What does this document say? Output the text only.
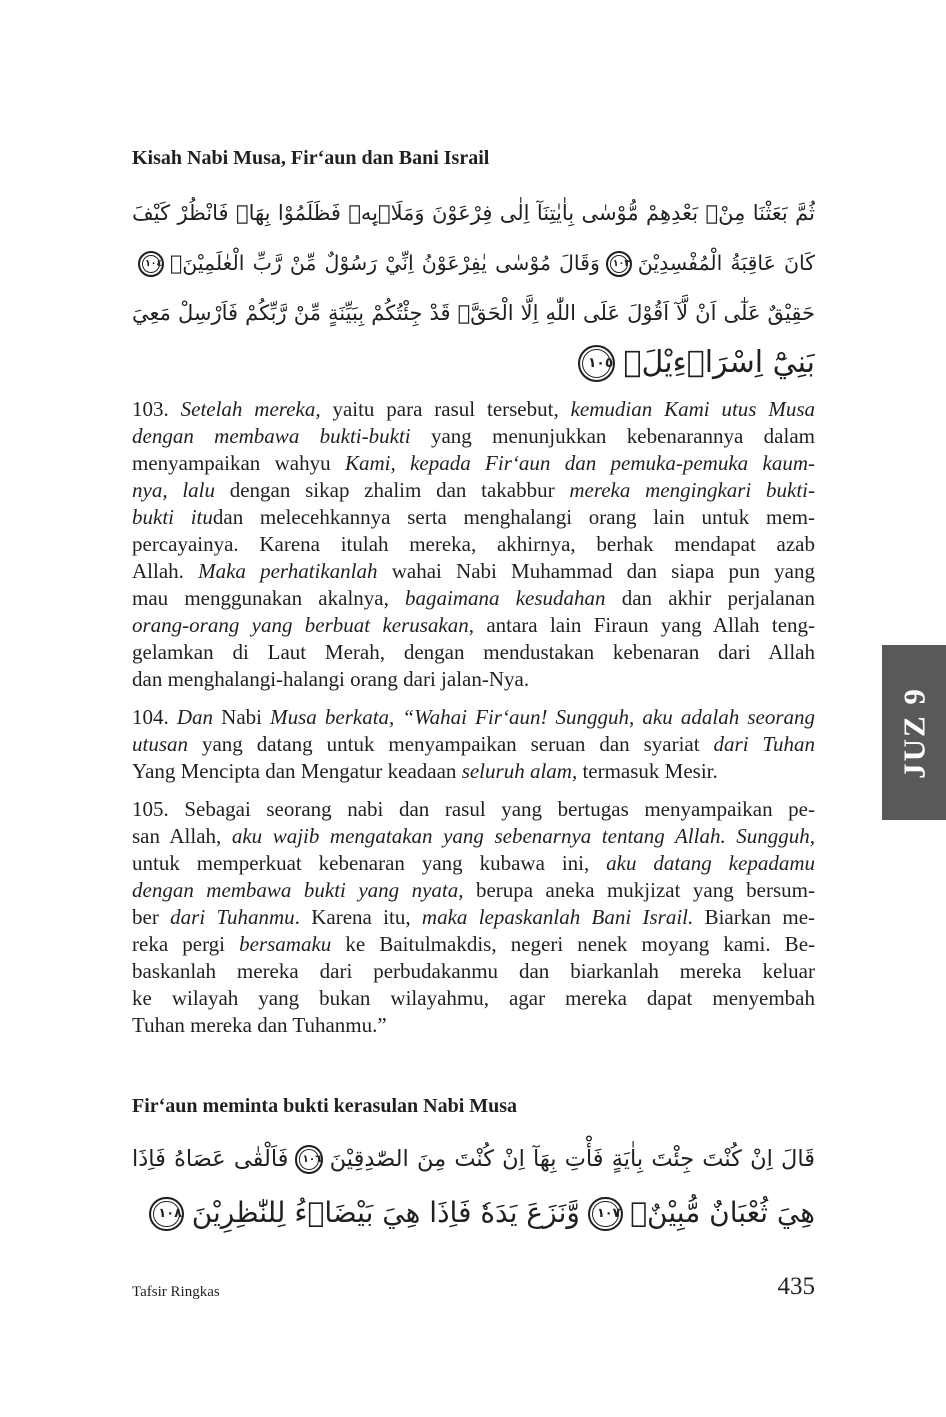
Kisah Nabi Musa, Fir‘aun dan Bani Israil
ثُمَّ بَعَثْنَا مِنْۢ بَعْدِهِمْ مُّوْسٰى بِاٰيٰتِنَآ اِلٰى فِرْعَوْنَ وَمَلَا۟ىِٕهٖ فَظَلَمُوْا بِهَاۚ فَانْظُرْ كَيْفَ
كَانَ عَاقِبَةُ الْمُفْسِدِيْنَ١٠٣وَقَالَ مُوْسٰى يٰفِرْعَوْنُ اِنِّيْ رَسُوْلٌ مِّنْ رَّبِّ الْعٰلَمِيْنَۙ١٠٤
حَقِيْقٌ عَلٰٓى اَنْ لَّآ اَقُوْلَ عَلَى اللّٰهِ اِلَّا الْحَقَّۗ قَدْ جِئْتُكُمْ بِبَيِّنَةٍ مِّنْ رَّبِّكُمْ فَاَرْسِلْ مَعِيَ
بَنِيْٓ اِسْرَاۤءِيْلَۗ١٠٥
103. Setelah mereka, yaitu para rasul tersebut, kemudian Kami utus Musa
dengan membawa bukti-bukti yang menunjukkan kebenarannya dalam
menyampaikan wahyu Kami, kepada Fir‘aun dan pemuka-pemuka kaum-
nya, lalu dengan sikap zhalim dan takabbur mereka mengingkari bukti-
bukti itudan melecehkannya serta menghalangi orang lain untuk mem-
percayainya. Karena itulah mereka, akhirnya, berhak mendapat azab
Allah. Maka perhatikanlah wahai Nabi Muhammad dan siapa pun yang
mau menggunakan akalnya, bagaimana kesudahan dan akhir perjalanan
orang-orang yang berbuat kerusakan, antara lain Firaun yang Allah teng-
gelamkan di Laut Merah, dengan mendustakan kebenaran dari Allah
dan menghalangi-halangi orang dari jalan-Nya.
104. Dan Nabi Musa berkata, “Wahai Fir‘aun! Sungguh, aku adalah seorang
utusan yang datang untuk menyampaikan seruan dan syariat dari Tuhan
Yang Mencipta dan Mengatur keadaan seluruh alam, termasuk Mesir.
105. Sebagai seorang nabi dan rasul yang bertugas menyampaikan pe-
san Allah, aku wajib mengatakan yang sebenarnya tentang Allah. Sungguh,
untuk memperkuat kebenaran yang kubawa ini, aku datang kepadamu
dengan membawa bukti yang nyata, berupa aneka mukjizat yang bersum-
ber dari Tuhanmu. Karena itu, maka lepaskanlah Bani Israil. Biarkan me-
reka pergi bersamaku ke Baitulmakdis, negeri nenek moyang kami. Be-
baskanlah mereka dari perbudakanmu dan biarkanlah mereka keluar
ke wilayah yang bukan wilayahmu, agar mereka dapat menyembah
Tuhan mereka dan Tuhanmu.”
Fir‘aun meminta bukti kerasulan Nabi Musa
قَالَ اِنْ كُنْتَ جِئْتَ بِاٰيَةٍ فَأْتِ بِهَآ اِنْ كُنْتَ مِنَ الصّٰدِقِيْنَ١٠٦فَاَلْقٰى عَصَاهُ فَاِذَا
هِيَ ثُعْبَانٌ مُّبِيْنٌۚ١٠٧وَّنَزَعَ يَدَهٗ فَاِذَا هِيَ بَيْضَاۤءُ لِلنّٰظِرِيْنَ١٠٨
JUZ 9
Tafsir Ringkas	435
